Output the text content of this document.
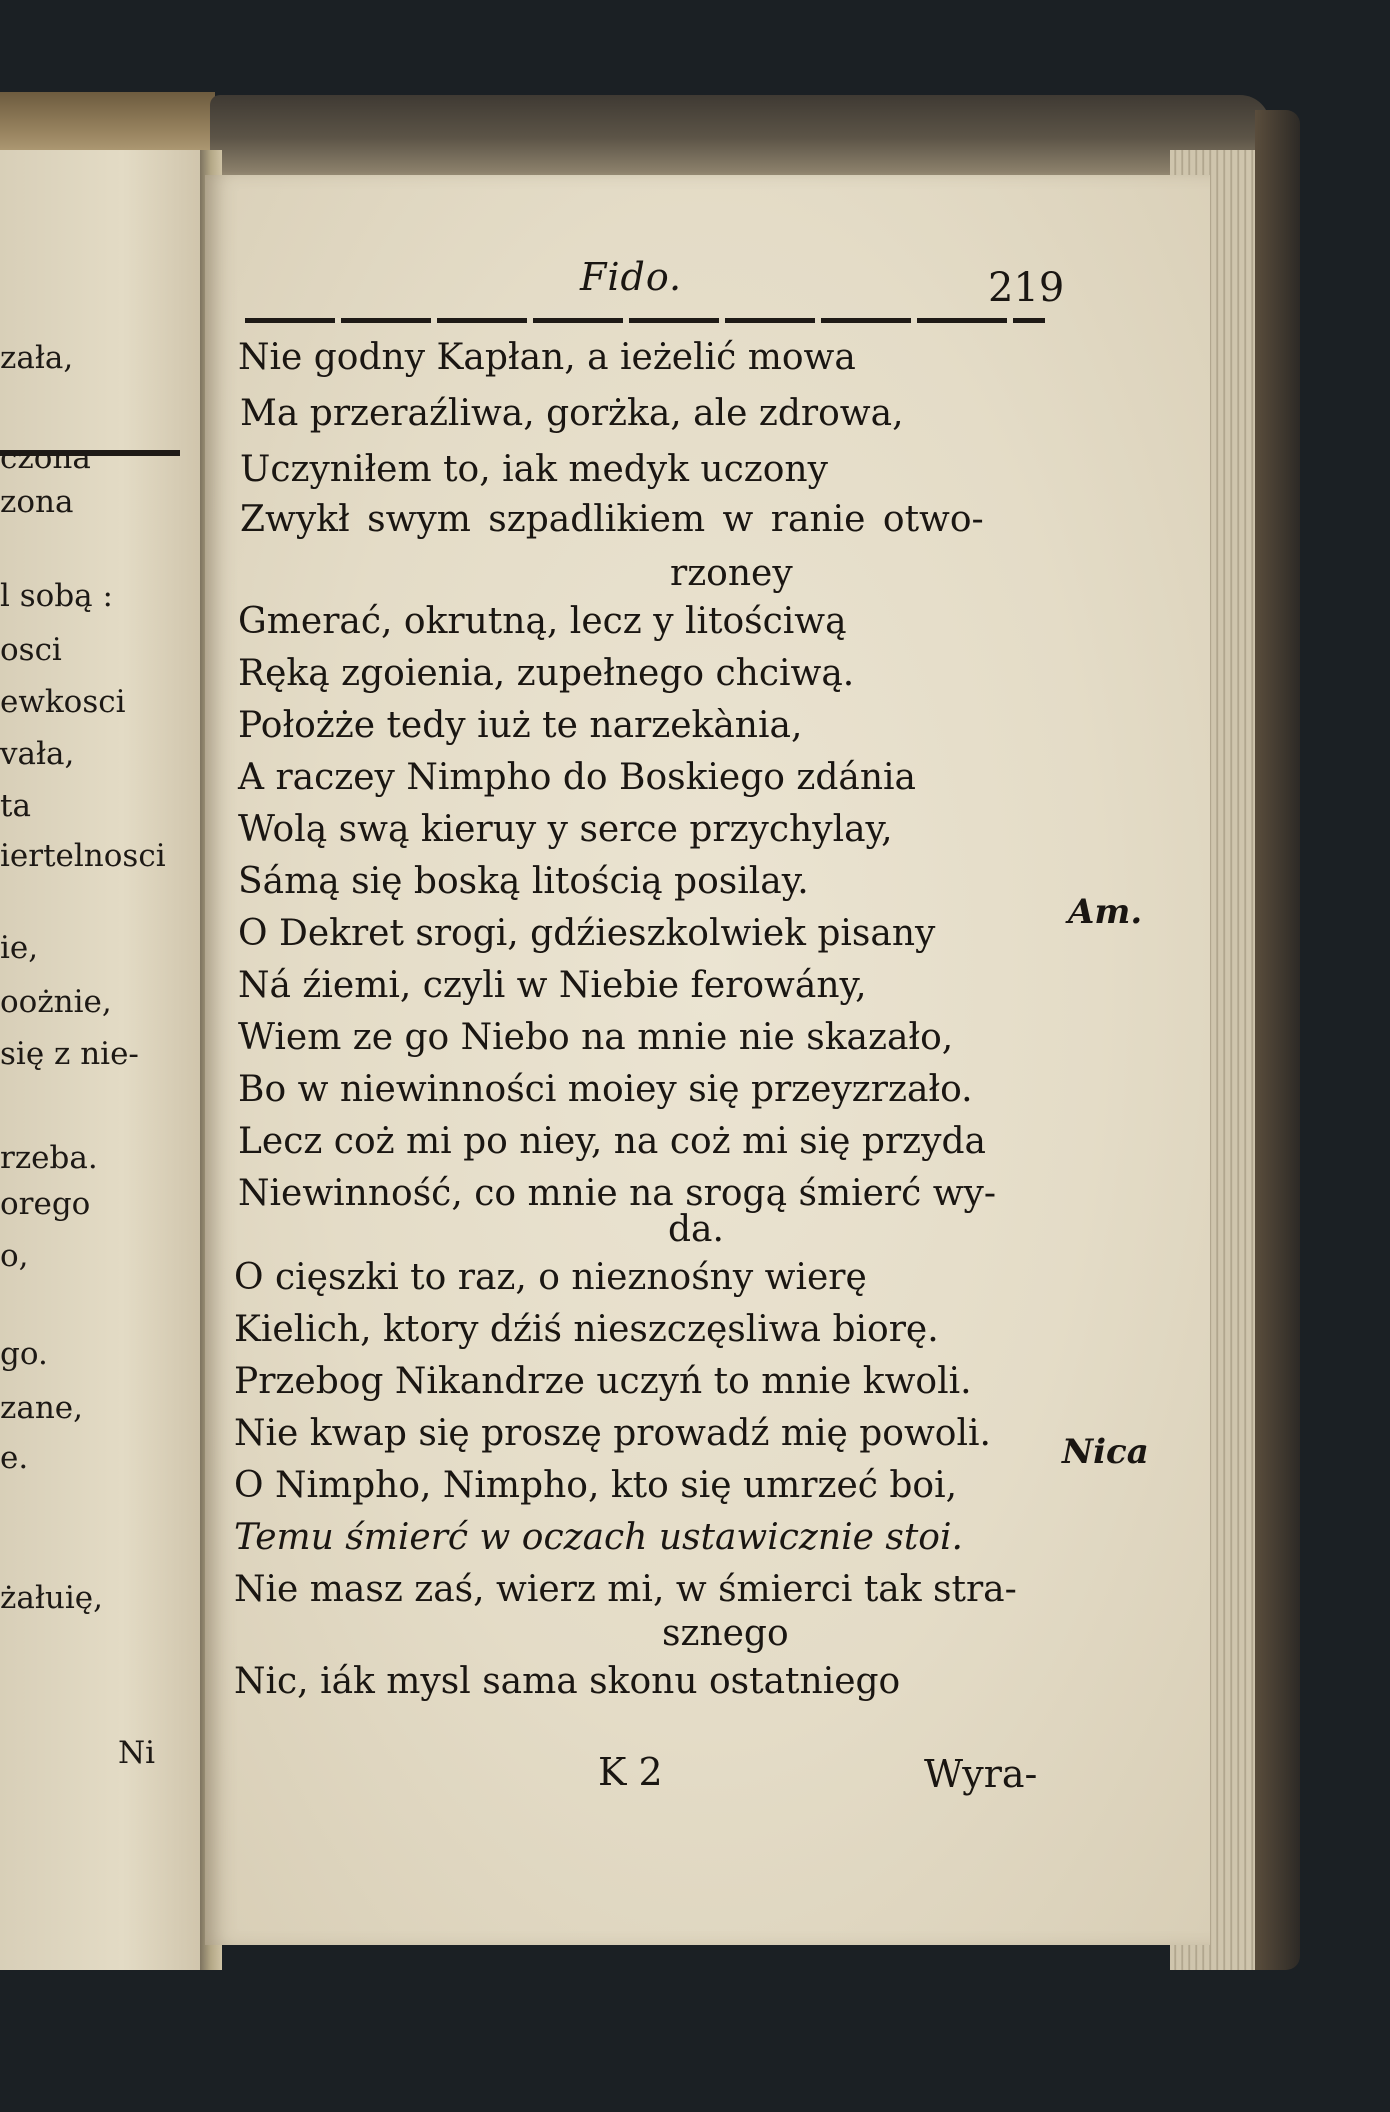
zała,
czona
zona
l sobą :
osci
ewkosci
vała,
ta
iertelnosci
ie,
oożnie,
się z nie-
rzeba.
orego
o,
go.
zane,
e.
żałuię,
Ni
Fido.	219
Nie godny Kapłan, a ieżelić mowa
Ma przeraźliwa, gorżka, ale zdrowa,
Uczyniłem to, iak medyk uczony
Zwykł swym szpadlikiem w ranie otwo-
rzoney
Gmerać, okrutną, lecz y litościwą
Ręką zgoienia, zupełnego chciwą.
Położże tedy iuż te narzekània,
A raczey Nimpho do Boskiego zdánia
Wolą swą kieruy y serce przychylay,
Sámą się boską litością posilay.
O Dekret srogi, gdźieszkolwiek pisany
Ná źiemi, czyli w Niebie ferowány,
Wiem ze go Niebo na mnie nie skazało,
Bo w niewinności moiey się przeyzrzało.
Lecz coż mi po niey, na coż mi się przyda
Niewinność, co mnie na srogą śmierć wy-
da.
O cięszki to raz, o nieznośny wierę
Kielich, ktory dźiś nieszczęsliwa biorę.
Przebog Nikandrze uczyń to mnie kwoli.
Nie kwap się proszę prowadź mię powoli.
O Nimpho, Nimpho, kto się umrzeć boi,
Temu śmierć w oczach ustawicznie stoi.
Nie masz zaś, wierz mi, w śmierci tak stra-
sznego
Nic, iák mysl sama skonu ostatniego
Am.
Nica
K 2	Wyra-
